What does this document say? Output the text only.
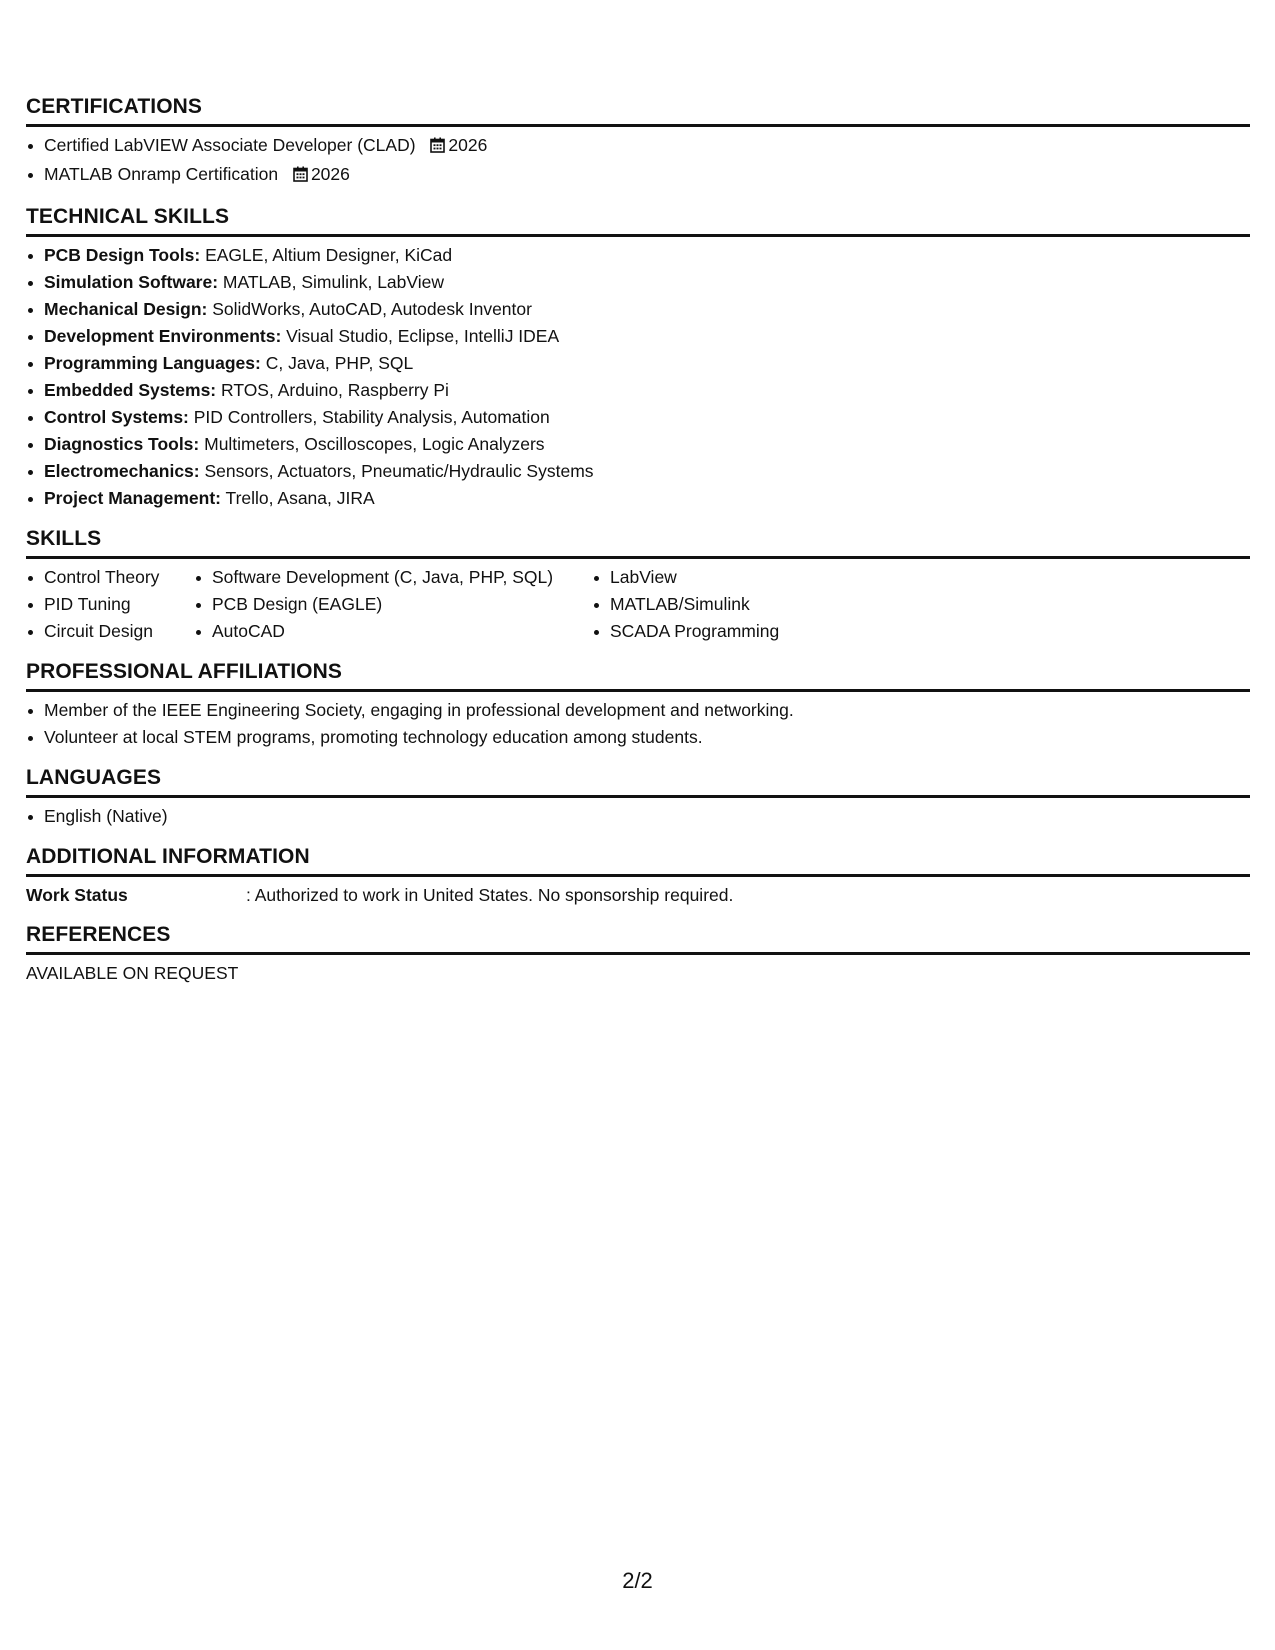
CERTIFICATIONS
Certified LabVIEW Associate Developer (CLAD) 2026
MATLAB Onramp Certification 2026
TECHNICAL SKILLS
PCB Design Tools: EAGLE, Altium Designer, KiCad
Simulation Software: MATLAB, Simulink, LabView
Mechanical Design: SolidWorks, AutoCAD, Autodesk Inventor
Development Environments: Visual Studio, Eclipse, IntelliJ IDEA
Programming Languages: C, Java, PHP, SQL
Embedded Systems: RTOS, Arduino, Raspberry Pi
Control Systems: PID Controllers, Stability Analysis, Automation
Diagnostics Tools: Multimeters, Oscilloscopes, Logic Analyzers
Electromechanics: Sensors, Actuators, Pneumatic/Hydraulic Systems
Project Management: Trello, Asana, JIRA
SKILLS
Control Theory
PID Tuning
Circuit Design
Software Development (C, Java, PHP, SQL)
PCB Design (EAGLE)
AutoCAD
LabView
MATLAB/Simulink
SCADA Programming
PROFESSIONAL AFFILIATIONS
Member of the IEEE Engineering Society, engaging in professional development and networking.
Volunteer at local STEM programs, promoting technology education among students.
LANGUAGES
English (Native)
ADDITIONAL INFORMATION
Work Status	: Authorized to work in United States. No sponsorship required.
REFERENCES
AVAILABLE ON REQUEST
2/2
